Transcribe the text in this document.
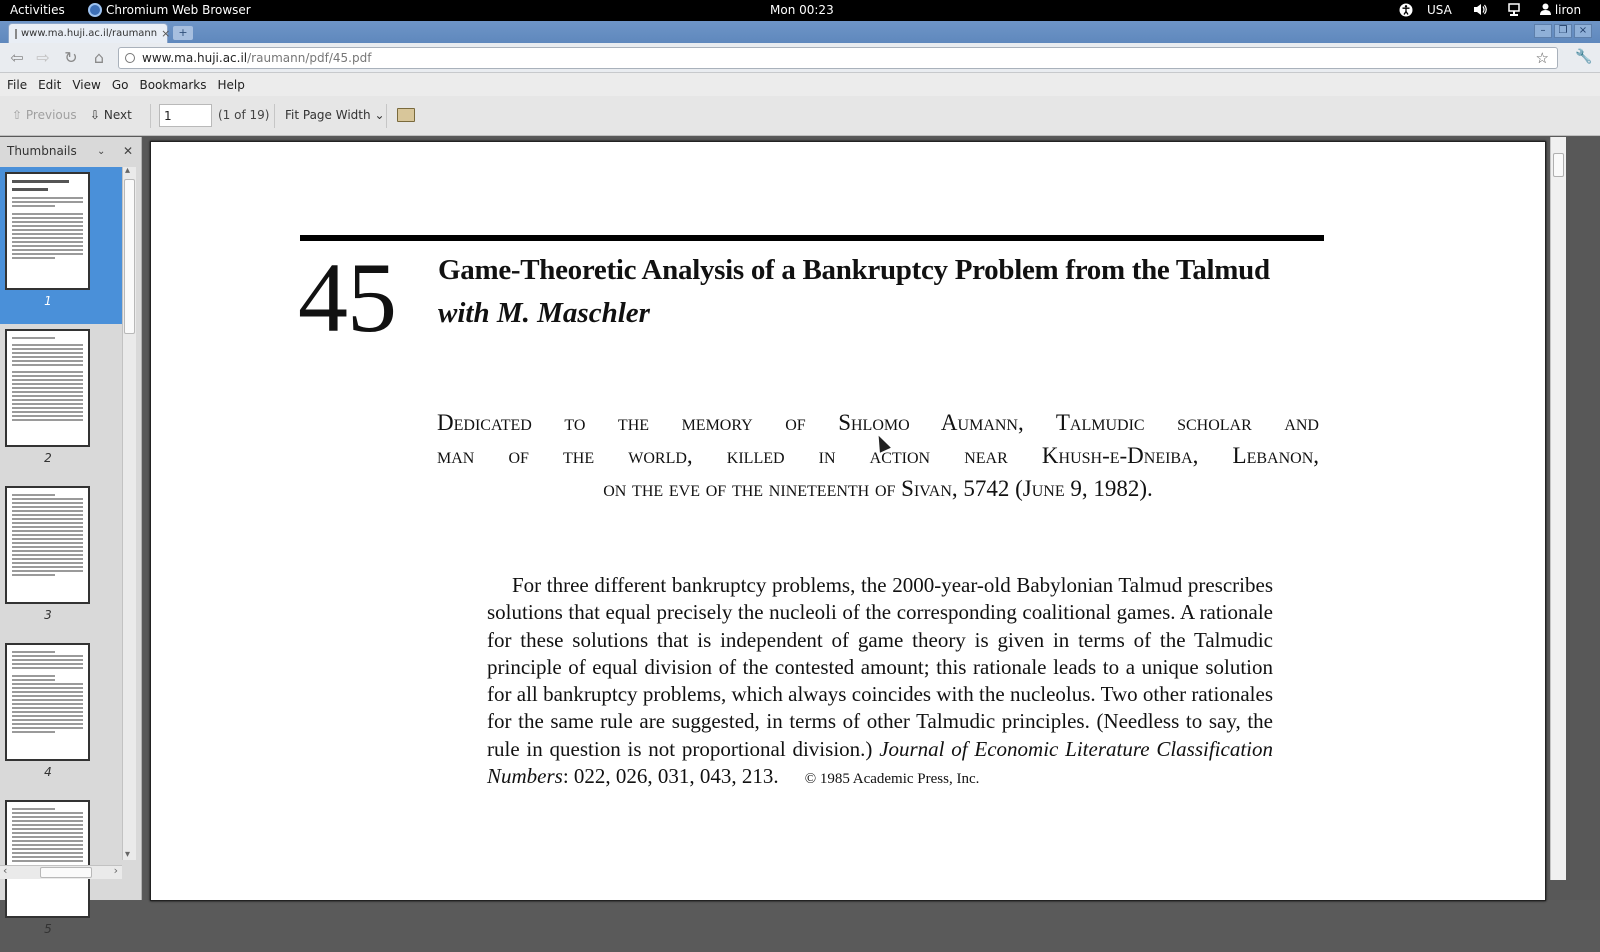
Activities	Chromium Web Browser	Mon 00:23	USA	liron
www.ma.huji.ac.il/raumann × +	–	❐	×
⇦ ⇨ ↻	⌂	www.ma.huji.ac.il /raumann/pdf/45.pdf	☆ 🔧
File Edit View Go Bookmarks Help
⇧ Previous ⇩ Next
1	(1 of 19) Fit Page Width ⌄
Thumbnails ⌄ ✕
1
2
3
4
5
▴
▾
‹	›
45 Game-Theoretic Analysis of a Bankruptcy Problem from the Talmud
with M. Maschler
Dedicated to the memory of Shlomo Aumann, Talmudic scholar and
man of the world, killed in action near Khush-e-Dneiba, Lebanon,
on the eve of the nineteenth of Sivan, 5742 (June 9, 1982).
For three different bankruptcy problems, the 2000-year-old Babylonian Talmud prescribes solutions that equal precisely the nucleoli of the corresponding coalitional games. A rationale for these solutions that is independent of game theory is given in terms of the Talmudic principle of equal division of the contested amount; this rationale leads to a unique solution for all bankruptcy problems, which always coincides with the nucleolus. Two other rationales for the same rule are suggested, in terms of other Talmudic principles. (Needless to say, the rule in question is not proportional division.) Journal of Economic Literature Classification Numbers: 022, 026, 031, 043, 213. © 1985 Academic Press, Inc.
